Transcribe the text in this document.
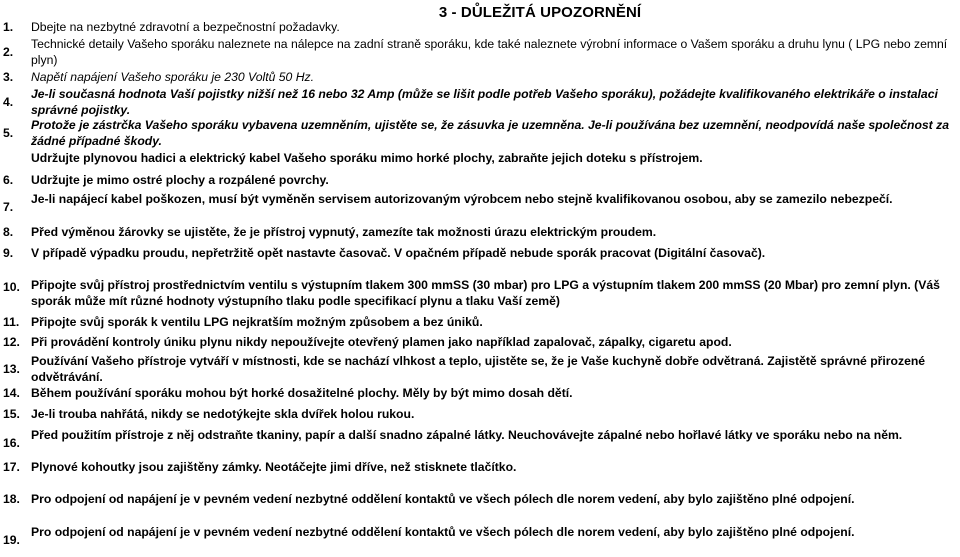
3 - DŮLEŽITÁ UPOZORNĚNÍ
1. Dbejte na nezbytné zdravotní a bezpečnostní požadavky.
2.
Technické detaily Vašeho sporáku naleznete na nálepce na zadní straně sporáku, kde také naleznete výrobní informace o Vašem sporáku a druhu lynu ( LPG nebo zemní plyn)
3. Napětí napájení Vašeho sporáku je 230 Voltů 50 Hz.
4.
Je-li současná hodnota Vaší pojistky nižší než 16 nebo 32 Amp (může se lišit podle potřeb Vašeho sporáku), požádejte kvalifikovaného elektrikáře o instalaci správné pojistky.
5.
Protože je zástrčka Vašeho sporáku vybavena uzemněním, ujistěte se, že zásuvka je uzemněna. Je-li používána bez uzemnění, neodpovídá naše společnost za žádné případné škody.
Udržujte plynovou hadici a elektrický kabel Vašeho sporáku mimo horké plochy, zabraňte jejich doteku s přístrojem.
6. Udržujte je mimo ostré plochy a rozpálené povrchy.
7.
Je-li napájecí kabel poškozen, musí být vyměněn servisem autorizovaným výrobcem nebo stejně kvalifikovanou osobou, aby se zamezilo nebezpečí.
8. Před výměnou žárovky se ujistěte, že je přístroj vypnutý, zamezíte tak možnosti úrazu elektrickým proudem.
9. V případě výpadku proudu, nepřetržitě opět nastavte časovač. V opačném případě nebude sporák pracovat (Digitální časovač).
10. Připojte svůj přístroj prostřednictvím ventilu s výstupním tlakem 300 mmSS (30 mbar) pro LPG a výstupním tlakem 200 mmSS (20 Mbar) pro zemní plyn. (Váš sporák může mít různé hodnoty výstupního tlaku podle specifikací plynu a tlaku Vaší země)
11. Připojte svůj sporák k ventilu LPG nejkratším možným způsobem a bez úniků.
12. Při provádění kontroly úniku plynu nikdy nepoužívejte otevřený plamen jako například zapalovač, zápalky, cigaretu apod.
13.
Používání Vašeho přístroje vytváří v místnosti, kde se nachází vlhkost a teplo, ujistěte se, že je Vaše kuchyně dobře odvětraná. Zajistětě správné přirozené odvětrávání.
14. Během používání sporáku mohou být horké dosažitelné plochy. Měly by být mimo dosah dětí.
15. Je-li trouba nahřátá, nikdy se nedotýkejte skla dvířek holou rukou.
16.
Před použitím přístroje z něj odstraňte tkaniny, papír a další snadno zápalné látky. Neuchovávejte zápalné nebo hořlavé látky ve sporáku nebo na něm.
17. Plynové kohoutky jsou zajištěny zámky. Neotáčejte jimi dříve, než stisknete tlačítko.
18. Pro odpojení od napájení je v pevném vedení nezbytné oddělení kontaktů ve všech pólech dle norem vedení, aby bylo zajištěno plné odpojení.
19.
Pro odpojení od napájení je v pevném vedení nezbytné oddělení kontaktů ve všech pólech dle norem vedení, aby bylo zajištěno plné odpojení.
